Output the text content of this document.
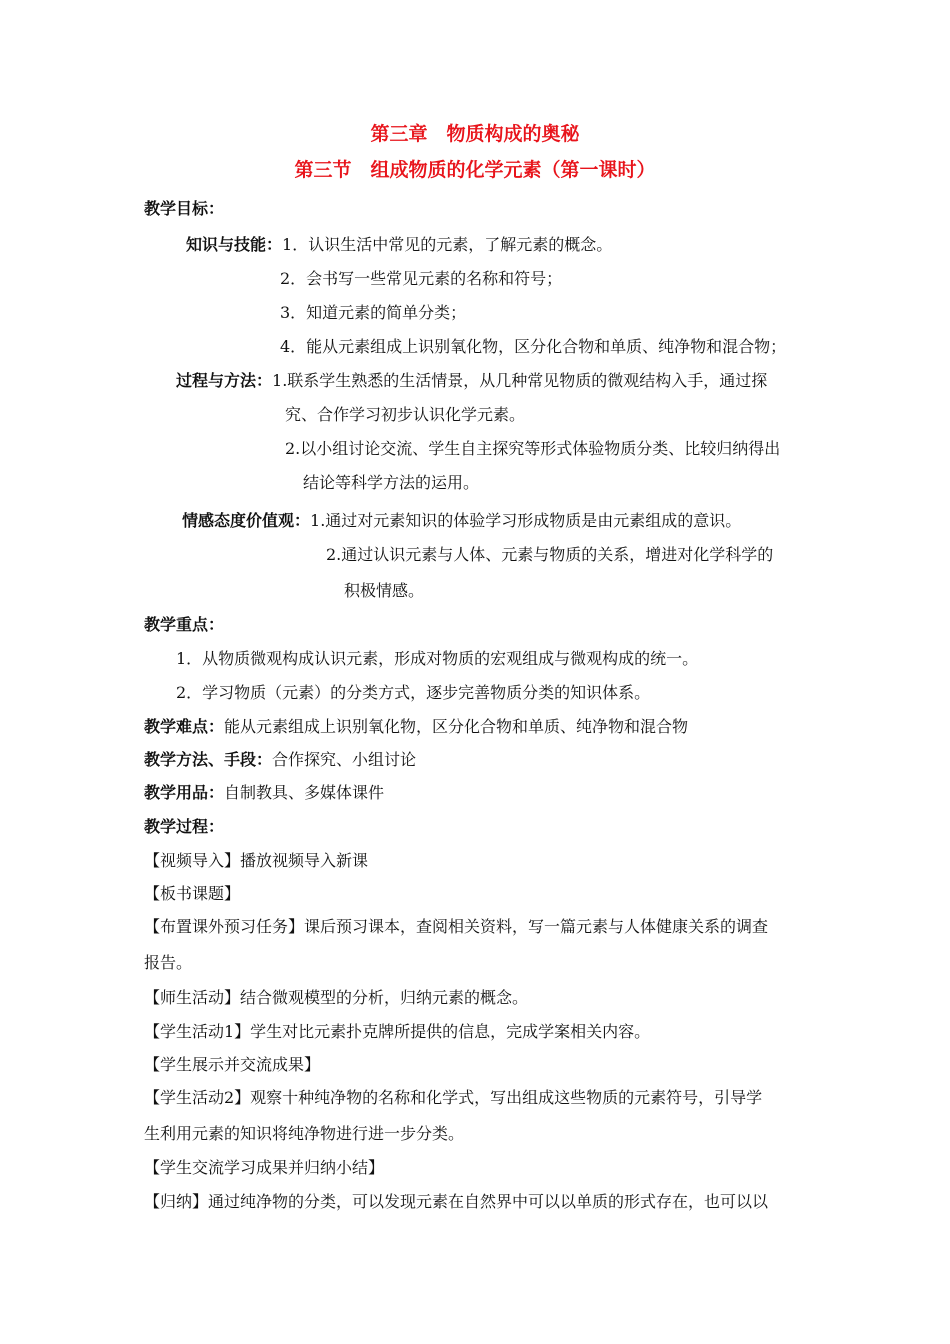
第三章　物质构成的奥秘
第三节　组成物质的化学元素（第一课时）
教学目标：
知识与技能：1．认识生活中常见的元素，了解元素的概念。
2．会书写一些常见元素的名称和符号；
3．知道元素的简单分类；
4．能从元素组成上识别氧化物，区分化合物和单质、纯净物和混合物；
过程与方法：1.联系学生熟悉的生活情景，从几种常见物质的微观结构入手，通过探
究、合作学习初步认识化学元素。
2.以小组讨论交流、学生自主探究等形式体验物质分类、比较归纳得出
结论等科学方法的运用。
情感态度价值观：1.通过对元素知识的体验学习形成物质是由元素组成的意识。
2.通过认识元素与人体、元素与物质的关系，增进对化学科学的
积极情感。
教学重点：
1．从物质微观构成认识元素，形成对物质的宏观组成与微观构成的统一。
2．学习物质（元素）的分类方式，逐步完善物质分类的知识体系。
教学难点：能从元素组成上识别氧化物，区分化合物和单质、纯净物和混合物
教学方法、手段：合作探究、小组讨论
教学用品：自制教具、多媒体课件
教学过程：
【视频导入】播放视频导入新课
【板书课题】
【布置课外预习任务】课后预习课本，查阅相关资料，写一篇元素与人体健康关系的调查
报告。
【师生活动】结合微观模型的分析，归纳元素的概念。
【学生活动1】学生对比元素扑克牌所提供的信息，完成学案相关内容。
【学生展示并交流成果】
【学生活动2】观察十种纯净物的名称和化学式，写出组成这些物质的元素符号，引导学
生利用元素的知识将纯净物进行进一步分类。
【学生交流学习成果并归纳小结】
【归纳】通过纯净物的分类，可以发现元素在自然界中可以以单质的形式存在，也可以以
